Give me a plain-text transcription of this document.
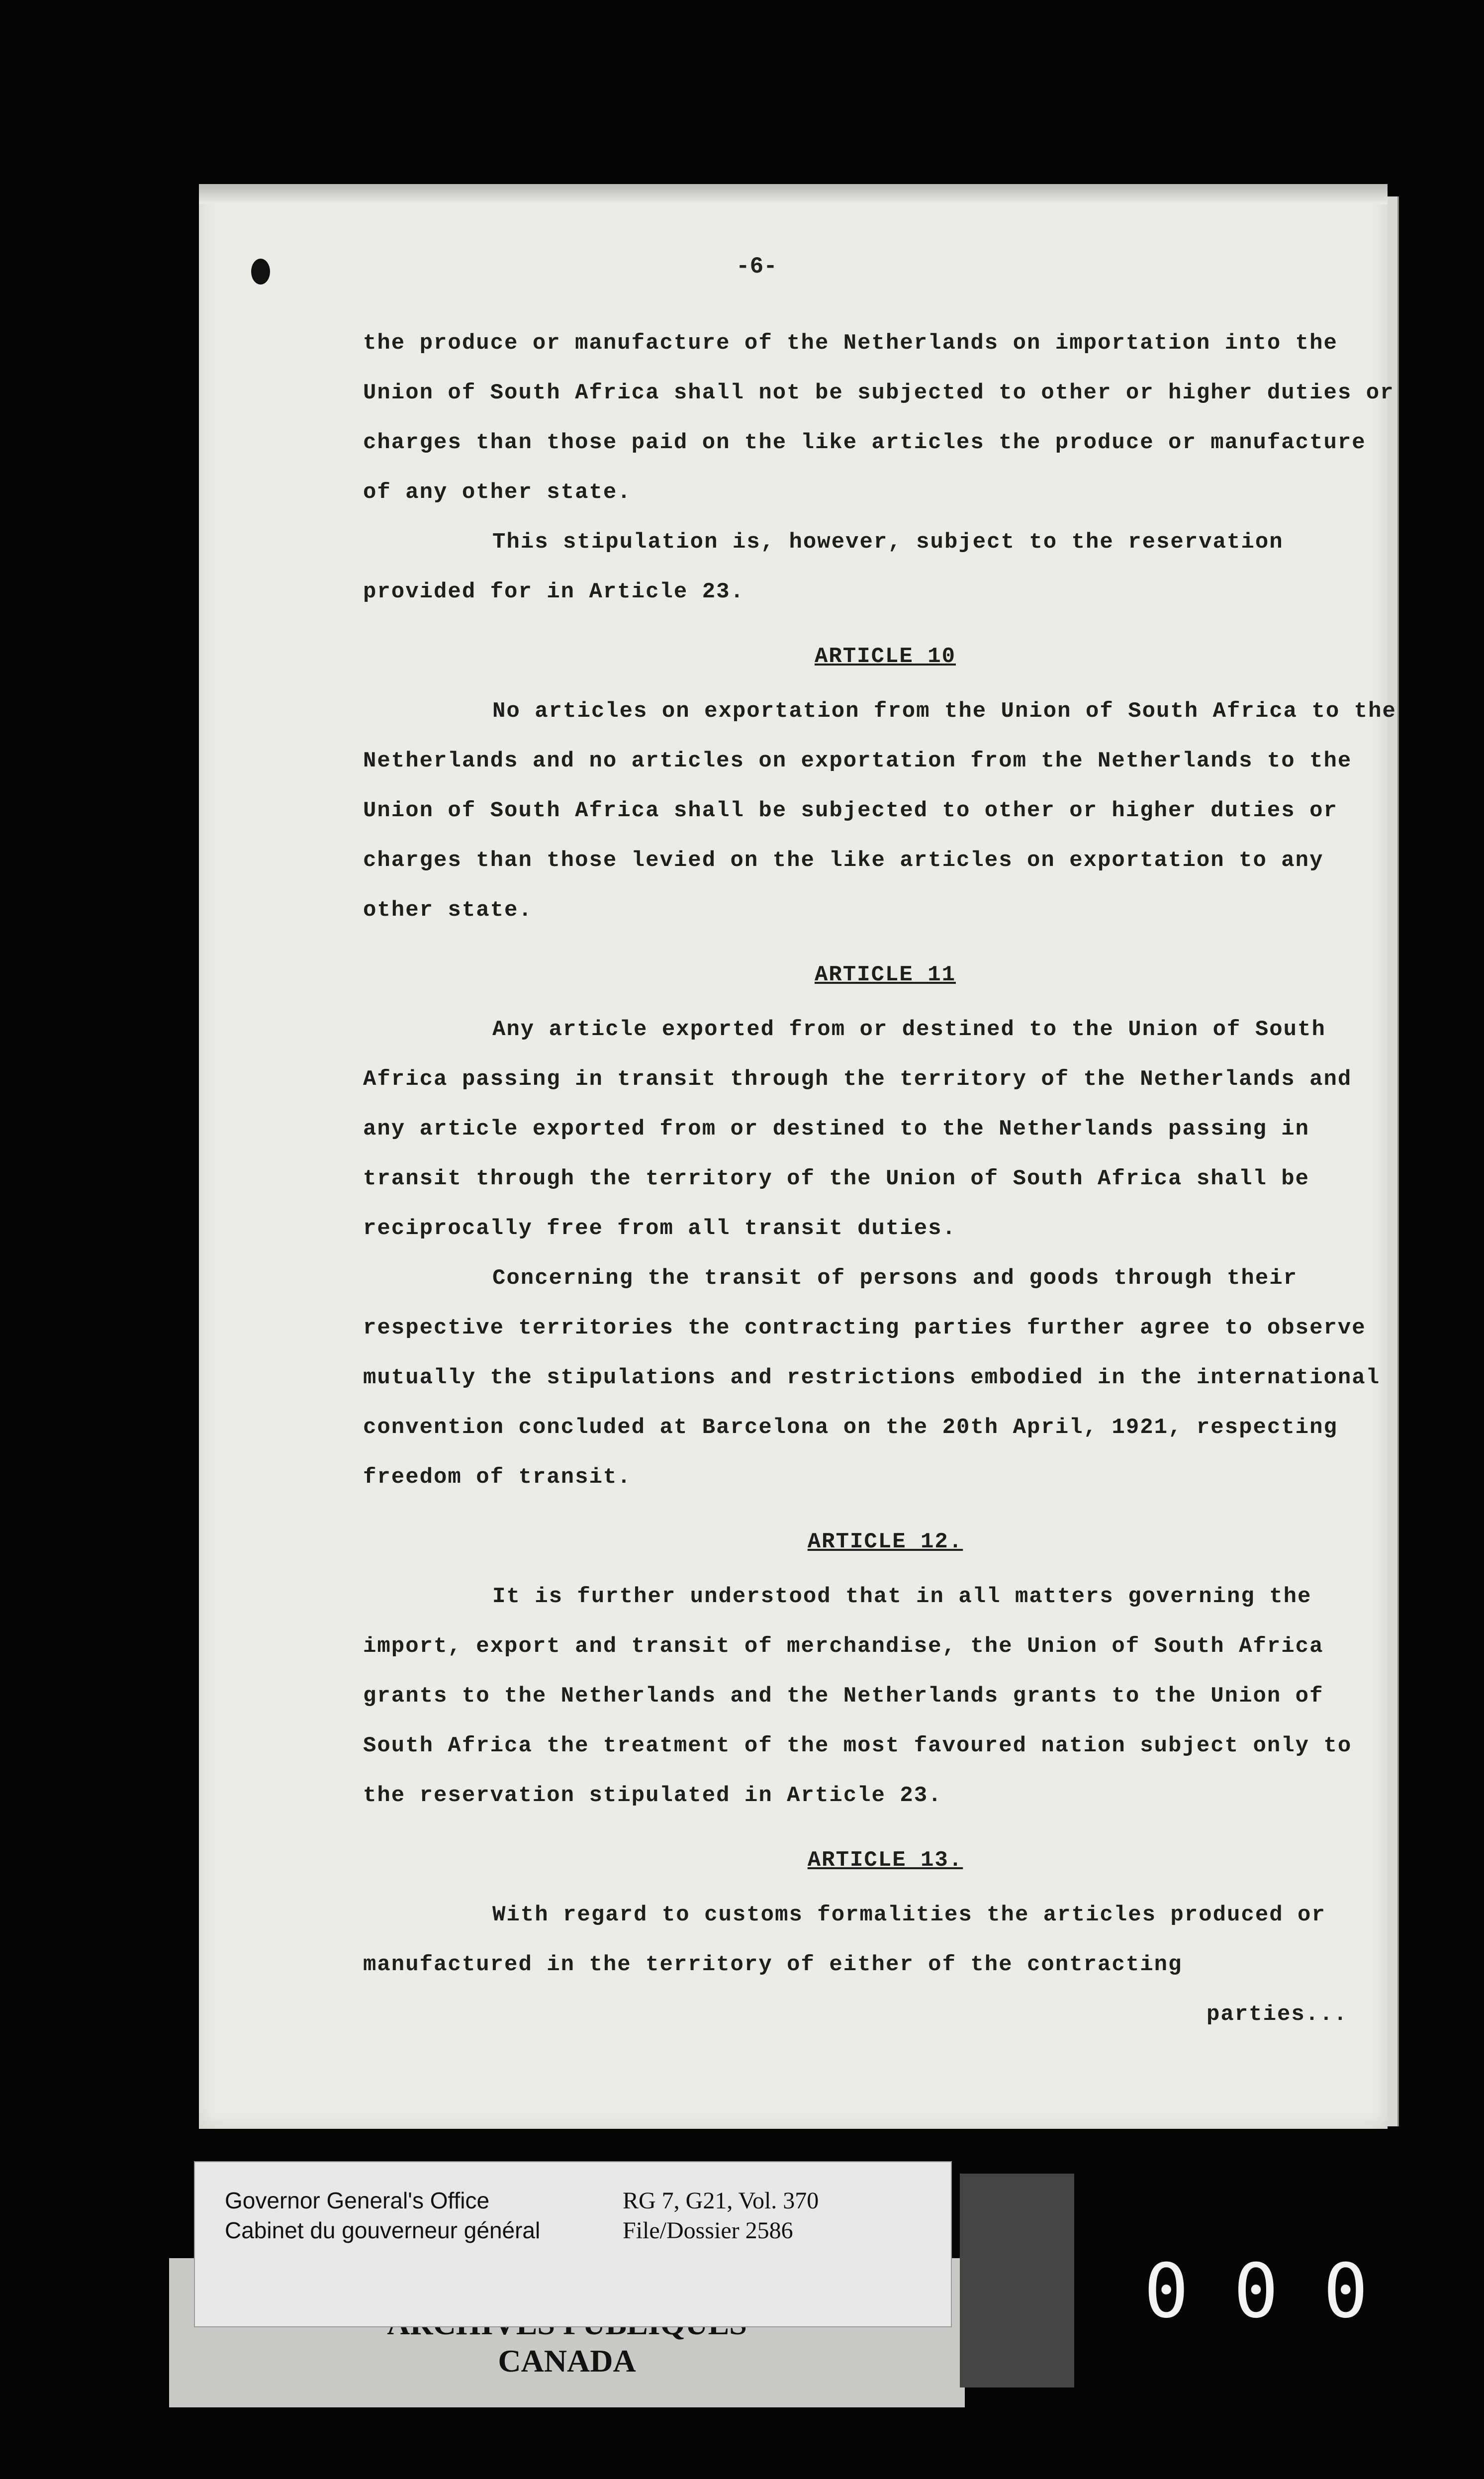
-6-

the produce or manufacture of the Netherlands on importation into the Union of South Africa shall not be subjected to other or higher duties or charges than those paid on the like articles the produce or manufacture of any other state.

This stipulation is, however, subject to the reservation provided for in Article 23.

ARTICLE 10

No articles on exportation from the Union of South Africa to the Netherlands and no articles on exportation from the Netherlands to the Union of South Africa shall be subjected to other or higher duties or charges than those levied on the like articles on exportation to any other state.

ARTICLE 11

Any article exported from or destined to the Union of South Africa passing in transit through the territory of the Netherlands and any article exported from or destined to the Netherlands passing in transit through the territory of the Union of South Africa shall be reciprocally free from all transit duties.

Concerning the transit of persons and goods through their respective territories the contracting parties further agree to observe mutually the stipulations and restrictions embodied in the international convention concluded at Barcelona on the 20th April, 1921, respecting freedom of transit.

ARTICLE 12.

It is further understood that in all matters governing the import, export and transit of merchandise, the Union of South Africa grants to the Netherlands and the Netherlands grants to the Union of South Africa the treatment of the most favoured nation subject only to the reservation stipulated in Article 23.

ARTICLE 13.

With regard to customs formalities the articles produced or manufactured in the territory of either of the contracting

parties...

CANADA
Governor General's Office
Cabinet du gouverneur général
RG 7, G21, Vol. 370
File/Dossier 2586
000
